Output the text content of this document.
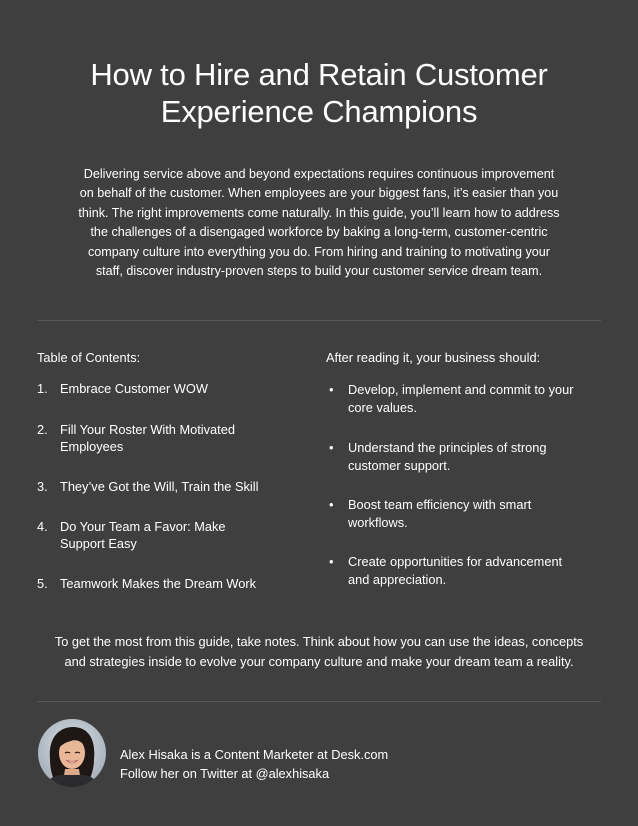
How to Hire and Retain Customer
Experience Champions

Delivering service above and beyond expectations requires continuous improvement
on behalf of the customer. When employees are your biggest fans, it’s easier than you
think. The right improvements come naturally. In this guide, you’ll learn how to address
the challenges of a disengaged workforce by baking a long-term, customer-centric
company culture into everything you do. From hiring and training to motivating your
staff, discover industry-proven steps to build your customer service dream team.

Table of Contents:	After reading it, your business should:

1. Embrace Customer WOW
2. Fill Your Roster With Motivated
Employees
3. They’ve Got the Will, Train the Skill
4. Do Your Team a Favor: Make
Support Easy
5. Teamwork Makes the Dream Work
• Develop, implement and commit to your
core values.
• Understand the principles of strong
customer support.
• Boost team efficiency with smart
workflows.
• Create opportunities for advancement
and appreciation.

To get the most from this guide, take notes. Think about how you can use the ideas, concepts
and strategies inside to evolve your company culture and make your dream team a reality.

Alex Hisaka is a Content Marketer at Desk.com
Follow her on Twitter at @alexhisaka
